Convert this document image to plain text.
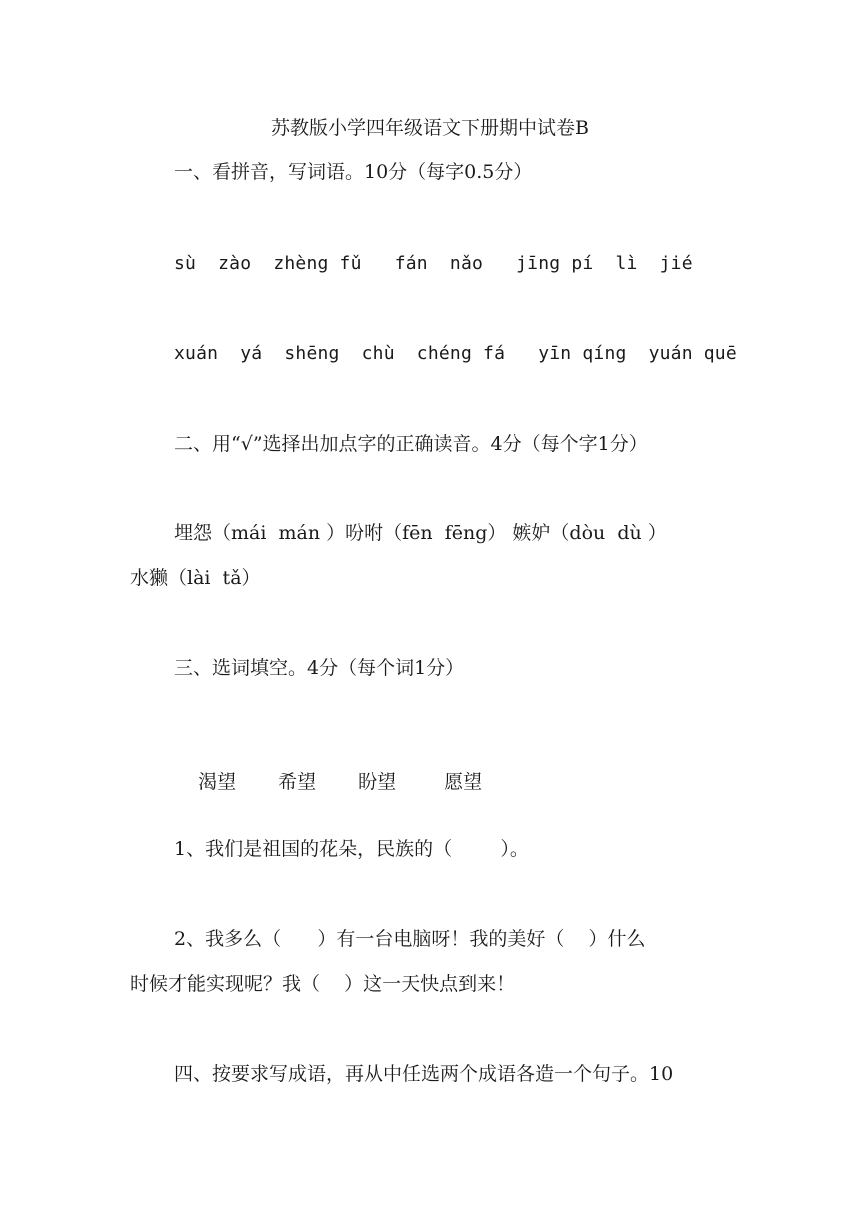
苏教版小学四年级语文下册期中试卷B
一、看拼音，写词语。10分（每字0.5分）
sù  zào  zhèng fǔ   fán  nǎo   jīng pí  lì  jié
xuán  yá  shēng  chù  chéng fá   yīn qíng  yuán quē
二、用“√”选择出加点字的正确读音。4分（每个字1分）
埋怨（mái  mán ）吩咐（fēn  fēng） 嫉妒（dòu  dù ）
水獭（lài  tǎ）
三、选词填空。4分（每个词1分）

渴望 希望 盼望	愿望

1、我们是祖国的花朵，民族的（        ）。
2、我多么（      ）有一台电脑呀！我的美好（    ）什么
时候才能实现呢？我（    ）这一天快点到来！
四、按要求写成语，再从中任选两个成语各造一个句子。10
